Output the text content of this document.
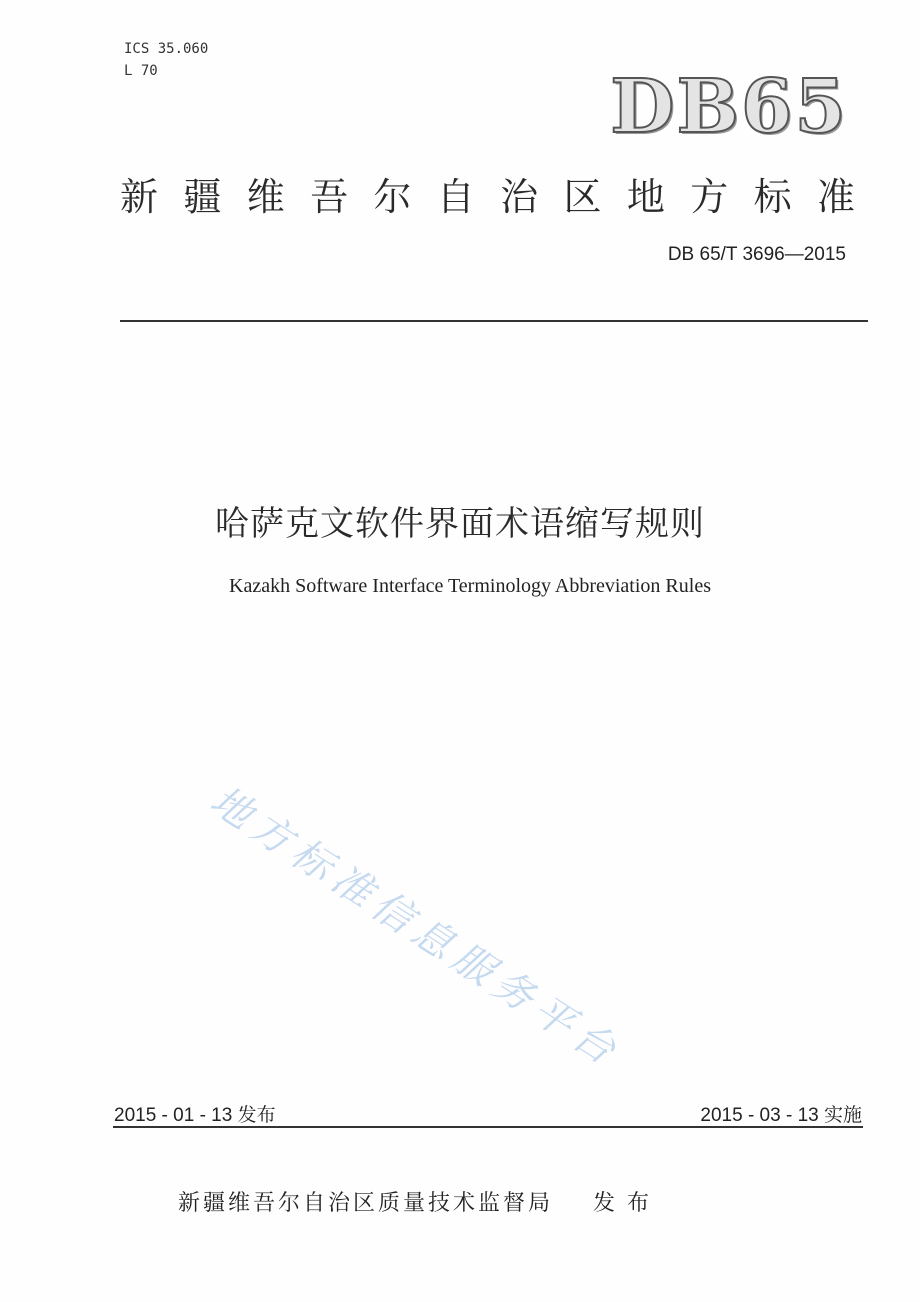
ICS 35.060
L 70	DB65
新 疆 维 吾 尔 自 治 区 地 方 标 准
DB 65/T 3696—2015
哈萨克文软件界面术语缩写规则
Kazakh Software Interface Terminology Abbreviation Rules
地方标准信息服务平台
2015 - 01 - 13 发布	2015 - 03 - 13 实施
新疆维吾尔自治区质量技术监督局 发布
